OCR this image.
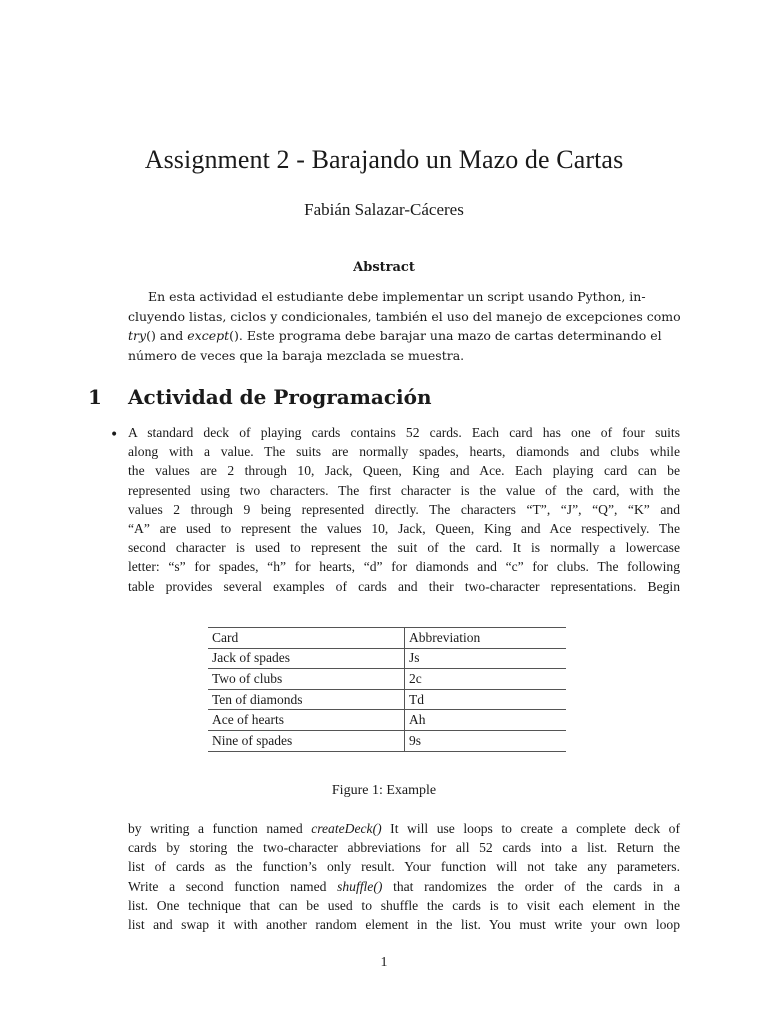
Assignment 2 - Barajando un Mazo de Cartas
Fabián Salazar-Cáceres
Abstract
En esta actividad el estudiante debe implementar un script usando Python, in-
cluyendo listas, ciclos y condicionales, también el uso del manejo de excepciones como
try() and except(). Este programa debe barajar una mazo de cartas determinando el
número de veces que la baraja mezclada se muestra.
1 Actividad de Programación
• A standard deck of playing cards contains 52 cards. Each card has one of four suits
along with a value. The suits are normally spades, hearts, diamonds and clubs while
the values are 2 through 10, Jack, Queen, King and Ace. Each playing card can be
represented using two characters. The first character is the value of the card, with the
values 2 through 9 being represented directly. The characters “T”, “J”, “Q”, “K” and
“A” are used to represent the values 10, Jack, Queen, King and Ace respectively. The
second character is used to represent the suit of the card. It is normally a lowercase
letter: “s” for spades, “h” for hearts, “d” for diamonds and “c” for clubs. The following
table provides several examples of cards and their two-character representations. Begin
Card	Abbreviation
Jack of spades	Js
Two of clubs	2c
Ten of diamonds	Td
Ace of hearts	Ah
Nine of spades	9s
Figure 1: Example
by writing a function named createDeck() It will use loops to create a complete deck of
cards by storing the two-character abbreviations for all 52 cards into a list. Return the
list of cards as the function’s only result. Your function will not take any parameters.
Write a second function named shuffle() that randomizes the order of the cards in a
list. One technique that can be used to shuffle the cards is to visit each element in the
list and swap it with another random element in the list. You must write your own loop
1
